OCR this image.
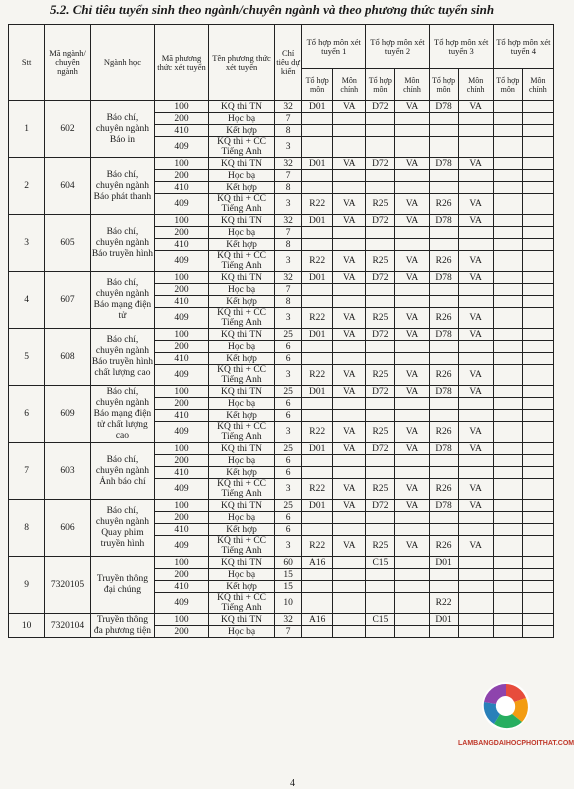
5.2. Chỉ tiêu tuyển sinh theo ngành/chuyên ngành và theo phương thức tuyển sinh
Stt	Mã ngành/ chuyên ngành	Ngành học	Mã phương thức xét tuyển	Tên phương thức xét tuyển	Chỉ tiêu dự kiến	Tổ hợp môn xét tuyển 1		Tổ hợp môn xét tuyển 2		Tổ hợp môn xét tuyển 3		Tổ hợp môn xét tuyển 4	
						Tổ hợp môn	Môn chính	Tổ hợp môn	Môn chính	Tổ hợp môn	Môn chính	Tổ hợp môn	Môn chính
1	602	Báo chí, chuyên ngành Báo in	100	KQ thi TN	32	D01	VA	D72	VA	D78	VA		
			200	Học bạ	7								
			410	Kết hợp	8								
			409	KQ thi + CC Tiếng Anh	3								
2	604	Báo chí, chuyên ngành Báo phát thanh	100	KQ thi TN	32	D01	VA	D72	VA	D78	VA		
			200	Học bạ	7								
			410	Kết hợp	8								
			409	KQ thi + CC Tiếng Anh	3	R22	VA	R25	VA	R26	VA		
3	605	Báo chí, chuyên ngành Báo truyền hình	100	KQ thi TN	32	D01	VA	D72	VA	D78	VA		
			200	Học bạ	7								
			410	Kết hợp	8								
			409	KQ thi + CC Tiếng Anh	3	R22	VA	R25	VA	R26	VA		
4	607	Báo chí, chuyên ngành Báo mạng điện tử	100	KQ thi TN	32	D01	VA	D72	VA	D78	VA		
			200	Học bạ	7								
			410	Kết hợp	8								
			409	KQ thi + CC Tiếng Anh	3	R22	VA	R25	VA	R26	VA		
5	608	Báo chí, chuyên ngành Báo truyền hình chất lượng cao	100	KQ thi TN	25	D01	VA	D72	VA	D78	VA		
			200	Học bạ	6								
			410	Kết hợp	6								
			409	KQ thi + CC Tiếng Anh	3	R22	VA	R25	VA	R26	VA		
6	609	Báo chí, chuyên ngành Báo mạng điện tử chất lượng cao	100	KQ thi TN	25	D01	VA	D72	VA	D78	VA		
			200	Học bạ	6								
			410	Kết hợp	6								
			409	KQ thi + CC Tiếng Anh	3	R22	VA	R25	VA	R26	VA		
7	603	Báo chí, chuyên ngành Ảnh báo chí	100	KQ thi TN	25	D01	VA	D72	VA	D78	VA		
			200	Học bạ	6								
			410	Kết hợp	6								
			409	KQ thi + CC Tiếng Anh	3	R22	VA	R25	VA	R26	VA		
8	606	Báo chí, chuyên ngành Quay phim truyền hình	100	KQ thi TN	25	D01	VA	D72	VA	D78	VA		
			200	Học bạ	6								
			410	Kết hợp	6								
			409	KQ thi + CC Tiếng Anh	3	R22	VA	R25	VA	R26	VA		
9	7320105	Truyền thông đại chúng	100	KQ thi TN	60	A16		C15		D01			
			200	Học bạ	15								
			410	Kết hợp	15								
			409	KQ thi + CC Tiếng Anh	10					R22			
10	7320104	Truyền thông đa phương tiện	100	KQ thi TN	32	A16		C15		D01			
			200	Học bạ	7								
LAMBANGDAIHOCPHOITHAT.COM
4
